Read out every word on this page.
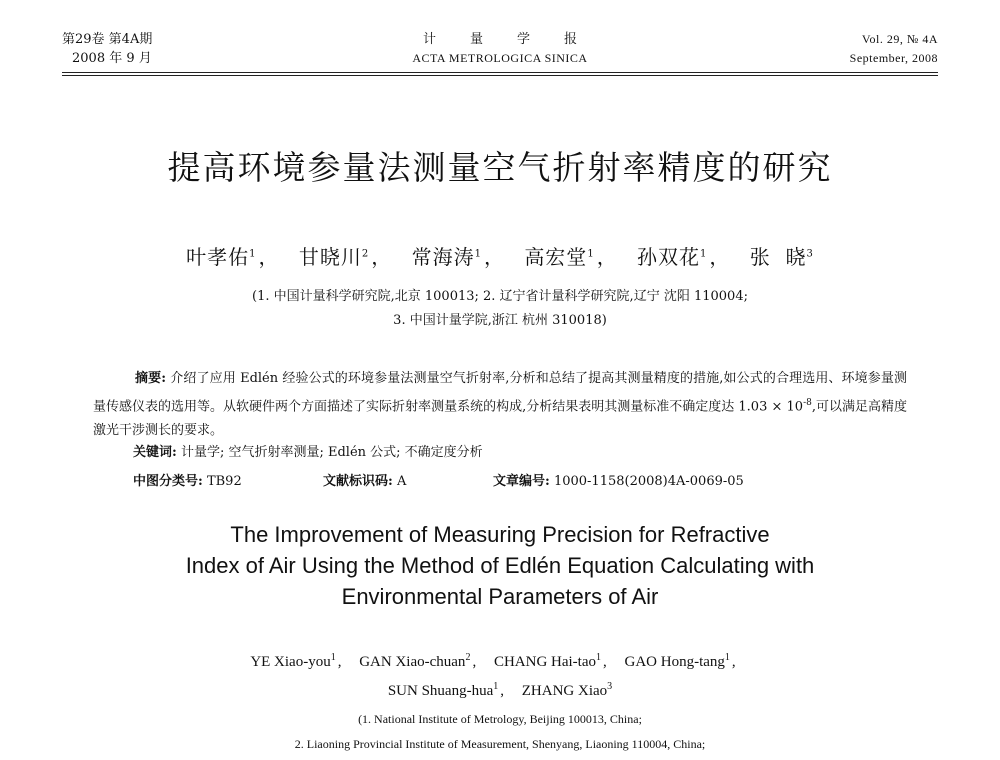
第29卷 第4A期
2008 年 9 月
计量学报
ACTA METROLOGICA SINICA
Vol. 29, № 4A
September, 2008
提高环境参量法测量空气折射率精度的研究
叶孝佑$^1$ ， 甘晓川$^2$ ， 常海涛$^1$ ， 高宏堂$^1$ ， 孙双花$^1$ ， 张  晓$^3$
(1. 中国计量科学研究院,北京 100013; 2. 辽宁省计量科学研究院,辽宁 沈阳 110004;
3. 中国计量学院,浙江 杭州 310018)
摘要: 介绍了应用 Edlén 经验公式的环境参量法测量空气折射率,分析和总结了提高其测量精度的措施,如公式的合理选用、环境参量测量传感仪表的选用等。从软硬件两个方面描述了实际折射率测量系统的构成,分析结果表明其测量标准不确定度达 $1.03 \times 10^{-8}$,可以满足高精度激光干涉测长的要求。
关键词: 计量学; 空气折射率测量; Edlén 公式; 不确定度分析
中图分类号: TB92	文献标识码: A	文章编号: 1000-1158(2008)4A-0069-05
The Improvement of Measuring Precision for Refractive
Index of Air Using the Method of Edlén Equation Calculating with
Environmental Parameters of Air
YE Xiao-you$^1$ , GAN Xiao-chuan$^2$ , CHANG Hai-tao$^1$ , GAO Hong-tang$^1$ ,
SUN Shuang-hua$^1$ , ZHANG Xiao$^3$
(1. National Institute of Metrology, Beijing 100013, China;
2. Liaoning Provincial Institute of Measurement, Shenyang, Liaoning 110004, China;
